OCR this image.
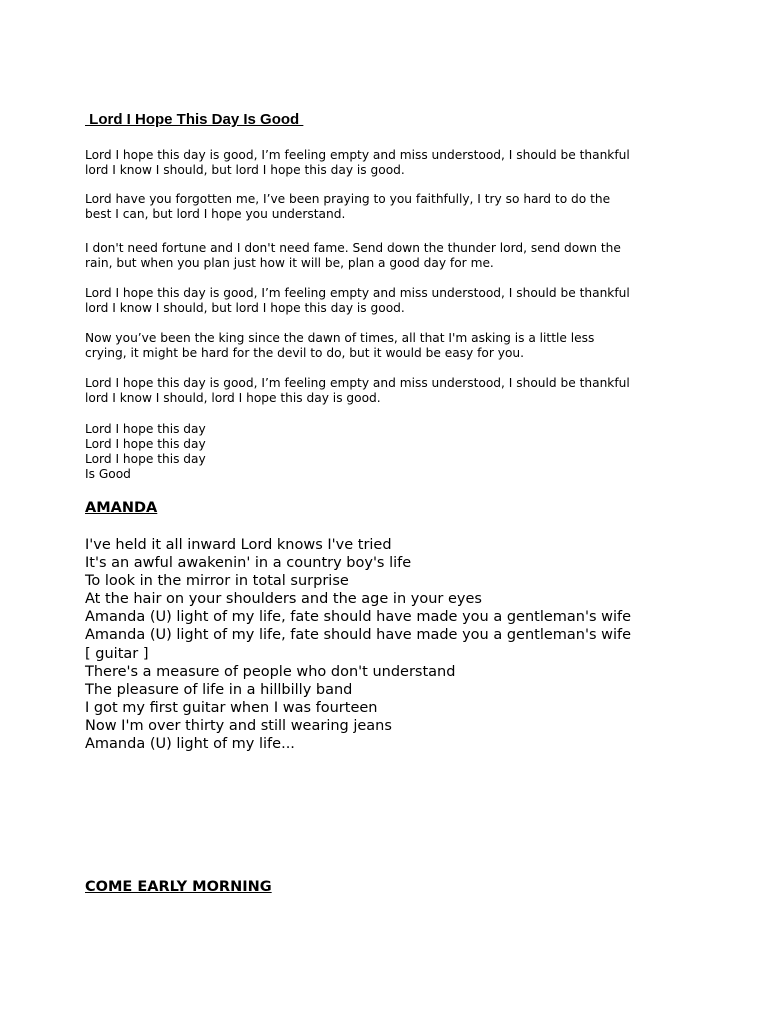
Lord I Hope This Day Is Good

Lord I hope this day is good, I’m feeling empty and miss understood, I should be thankful
lord I know I should, but lord I hope this day is good.

Lord have you forgotten me, I’ve been praying to you faithfully, I try so hard to do the
best I can, but lord I hope you understand.

I don't need fortune and I don't need fame. Send down the thunder lord, send down the
rain, but when you plan just how it will be, plan a good day for me.

Lord I hope this day is good, I’m feeling empty and miss understood, I should be thankful
lord I know I should, but lord I hope this day is good.

Now you’ve been the king since the dawn of times, all that I'm asking is a little less
crying, it might be hard for the devil to do, but it would be easy for you.

Lord I hope this day is good, I’m feeling empty and miss understood, I should be thankful
lord I know I should, lord I hope this day is good.

Lord I hope this day
Lord I hope this day
Lord I hope this day
Is Good

AMANDA

I've held it all inward Lord knows I've tried
It's an awful awakenin' in a country boy's life
To look in the mirror in total surprise
At the hair on your shoulders and the age in your eyes
Amanda (U) light of my life, fate should have made you a gentleman's wife
Amanda (U) light of my life, fate should have made you a gentleman's wife
[ guitar ]
There's a measure of people who don't understand
The pleasure of life in a hillbilly band
I got my first guitar when I was fourteen
Now I'm over thirty and still wearing jeans
Amanda (U) light of my life...

COME EARLY MORNING
